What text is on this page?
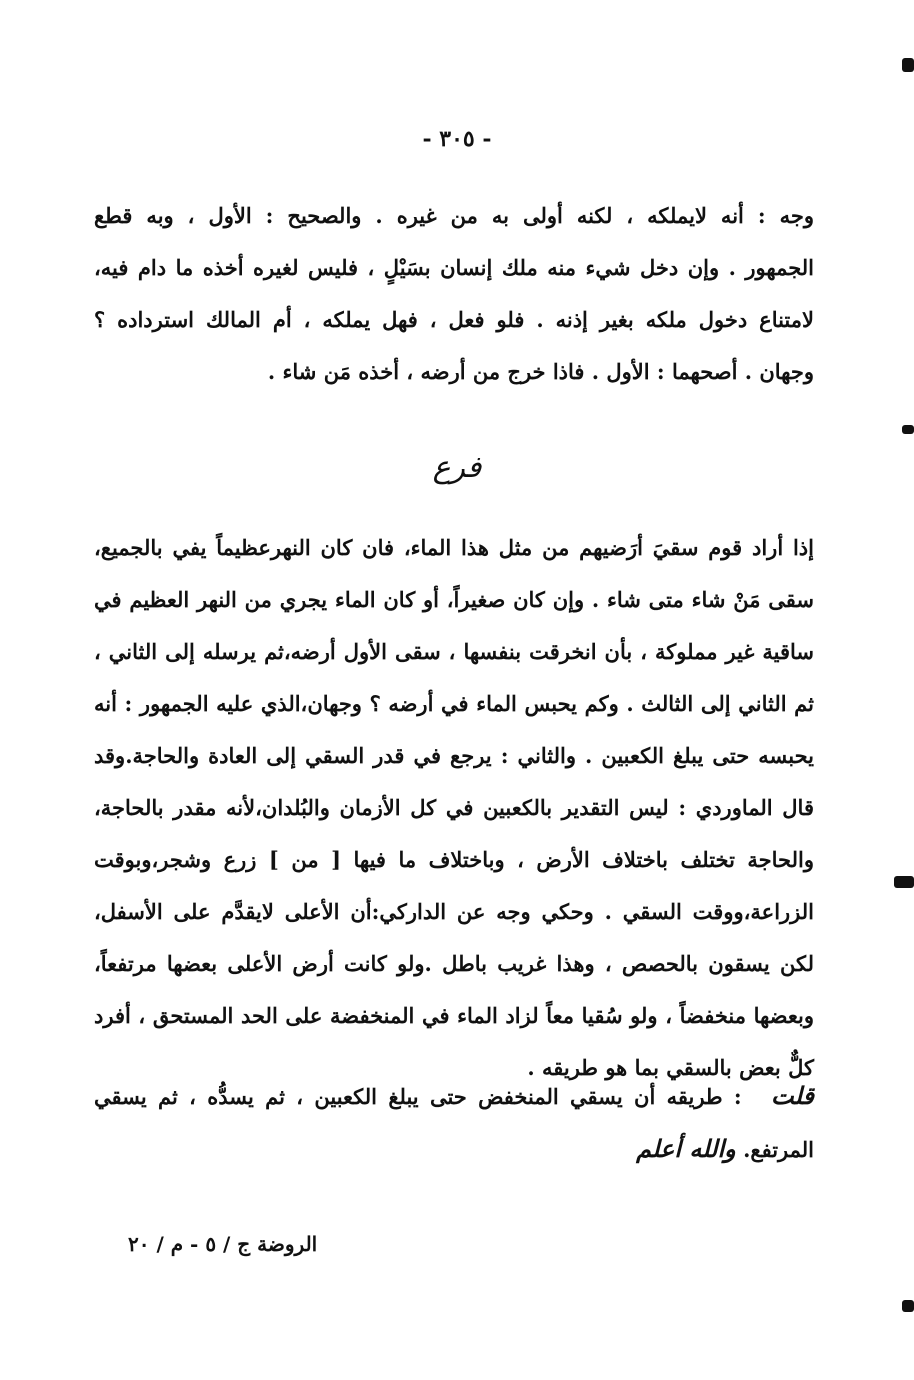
- ٣٠٥ -
وجه : أنه لايملكه ، لكنه أولى به من غيره . والصحيح : الأول ، وبه قطع
الجمهور . وإن دخل شيء منه ملك إنسان بسَيْلٍ ، فليس لغيره أخذه ما دام فيه،
لامتناع دخول ملكه بغير إذنه . فلو فعل ، فهل يملكه ، أم المالك استرداده ؟
وجهان . أصحهما : الأول . فاذا خرج من أرضه ، أخذه مَن شاء .
فرع
إذا أراد قوم سقيَ أرَضيهم من مثل هذا الماء، فان كان النهرعظيماً يفي بالجميع،
سقى مَنْ شاء متى شاء . وإن كان صغيراً، أو كان الماء يجري من النهر العظيم في
ساقية غير مملوكة ، بأن انخرقت بنفسها ، سقى الأول أرضه،ثم يرسله إلى الثاني ،
ثم الثاني إلى الثالث . وكم يحبس الماء في أرضه ؟ وجهان،الذي عليه الجمهور : أنه
يحبسه حتى يبلغ الكعبين . والثاني : يرجع في قدر السقي إلى العادة والحاجة.وقد
قال الماوردي : ليس التقدير بالكعبين في كل الأزمان والبُلدان،لأنه مقدر بالحاجة،
والحاجة تختلف باختلاف الأرض ، وباختلاف ما فيها [ من ] زرع وشجر،وبوقت
الزراعة،ووقت السقي . وحكي وجه عن الداركي:أن الأعلى لايقدَّم على الأسفل،
لكن يسقون بالحصص ، وهذا غريب باطل .ولو كانت أرض الأعلى بعضها مرتفعاً،
وبعضها منخفضاً ، ولو سُقيا معاً لزاد الماء في المنخفضة على الحد المستحق ، أفرد
كلٌّ بعض بالسقي بما هو طريقه .
قلت : طريقه أن يسقي المنخفض حتى يبلغ الكعبين ، ثم يسدُّه ، ثم يسقي
المرتفع. والله أعلم
الروضة ج / ٥ - م / ٢٠
